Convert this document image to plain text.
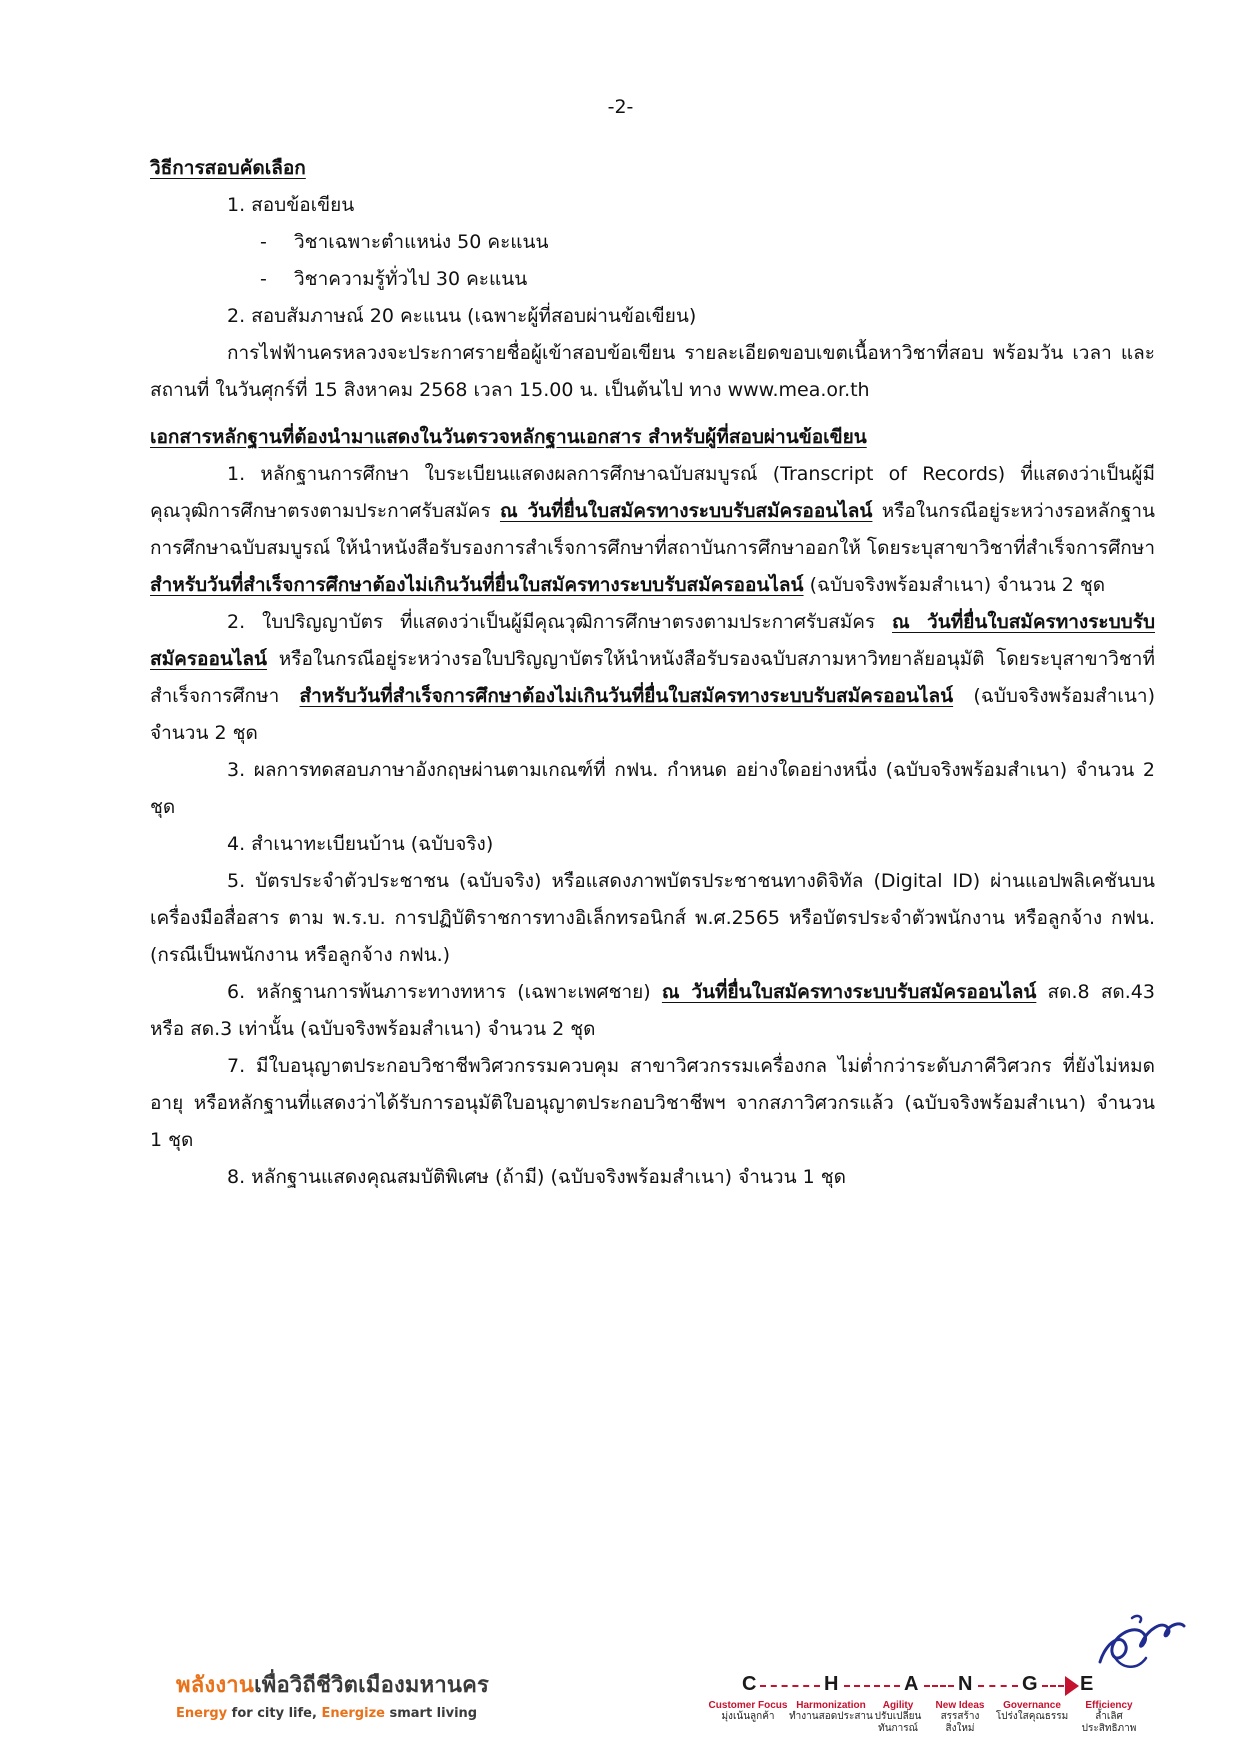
-2-
วิธีการสอบคัดเลือก
1. สอบข้อเขียน
- วิชาเฉพาะตำแหน่ง 50 คะแนน
- วิชาความรู้ทั่วไป 30 คะแนน
2. สอบสัมภาษณ์ 20 คะแนน (เฉพาะผู้ที่สอบผ่านข้อเขียน)
การไฟฟ้านครหลวงจะประกาศรายชื่อผู้เข้าสอบข้อเขียน รายละเอียดขอบเขตเนื้อหาวิชาที่สอบ พร้อมวัน เวลา และสถานที่ ในวันศุกร์ที่ 15 สิงหาคม 2568 เวลา 15.00 น. เป็นต้นไป ทาง www.mea.or.th
เอกสารหลักฐานที่ต้องนำมาแสดงในวันตรวจหลักฐานเอกสาร สำหรับผู้ที่สอบผ่านข้อเขียน
1. หลักฐานการศึกษา ใบระเบียนแสดงผลการศึกษาฉบับสมบูรณ์ (Transcript of Records) ที่แสดงว่าเป็นผู้มีคุณวุฒิการศึกษาตรงตามประกาศรับสมัคร ณ วันที่ยื่นใบสมัครทางระบบรับสมัครออนไลน์ หรือในกรณีอยู่ระหว่างรอหลักฐานการศึกษาฉบับสมบูรณ์ ให้นำหนังสือรับรองการสำเร็จการศึกษาที่สถาบันการศึกษาออกให้ โดยระบุสาขาวิชาที่สำเร็จการศึกษา สำหรับวันที่สำเร็จการศึกษาต้องไม่เกินวันที่ยื่นใบสมัครทางระบบรับสมัครออนไลน์ (ฉบับจริงพร้อมสำเนา) จำนวน 2 ชุด
2. ใบปริญญาบัตร ที่แสดงว่าเป็นผู้มีคุณวุฒิการศึกษาตรงตามประกาศรับสมัคร ณ วันที่ยื่นใบสมัครทางระบบรับสมัครออนไลน์ หรือในกรณีอยู่ระหว่างรอใบปริญญาบัตรให้นำหนังสือรับรองฉบับสภามหาวิทยาลัยอนุมัติ โดยระบุสาขาวิชาที่สำเร็จการศึกษา สำหรับวันที่สำเร็จการศึกษาต้องไม่เกินวันที่ยื่นใบสมัครทางระบบรับสมัครออนไลน์ (ฉบับจริงพร้อมสำเนา) จำนวน 2 ชุด
3. ผลการทดสอบภาษาอังกฤษผ่านตามเกณฑ์ที่ กฟน. กำหนด อย่างใดอย่างหนึ่ง (ฉบับจริงพร้อมสำเนา) จำนวน 2 ชุด
4. สำเนาทะเบียนบ้าน (ฉบับจริง)
5. บัตรประจำตัวประชาชน (ฉบับจริง) หรือแสดงภาพบัตรประชาชนทางดิจิทัล (Digital ID) ผ่านแอปพลิเคชันบนเครื่องมือสื่อสาร ตาม พ.ร.บ. การปฏิบัติราชการทางอิเล็กทรอนิกส์ พ.ศ.2565 หรือบัตรประจำตัวพนักงาน หรือลูกจ้าง กฟน. (กรณีเป็นพนักงาน หรือลูกจ้าง กฟน.)
6. หลักฐานการพ้นภาระทางทหาร (เฉพาะเพศชาย) ณ วันที่ยื่นใบสมัครทางระบบรับสมัครออนไลน์ สด.8 สด.43 หรือ สด.3 เท่านั้น (ฉบับจริงพร้อมสำเนา) จำนวน 2 ชุด
7. มีใบอนุญาตประกอบวิชาชีพวิศวกรรมควบคุม สาขาวิศวกรรมเครื่องกล ไม่ต่ำกว่าระดับภาคีวิศวกร ที่ยังไม่หมดอายุ หรือหลักฐานที่แสดงว่าได้รับการอนุมัติใบอนุญาตประกอบวิชาชีพฯ จากสภาวิศวกรแล้ว (ฉบับจริงพร้อมสำเนา) จำนวน 1 ชุด
8. หลักฐานแสดงคุณสมบัติพิเศษ (ถ้ามี) (ฉบับจริงพร้อมสำเนา) จำนวน 1 ชุด
พลังงานเพื่อวิถีชีวิตเมืองมหานคร
Energy for city life, Energize smart living
C	H	A N G E
Customer Focus
มุ่งเน้นลูกค้า
Harmonization
ทำงานสอดประสาน
Agility
ปรับเปลี่ยน
ทันการณ์
New Ideas
สรรสร้าง
สิ่งใหม่
Governance
โปร่งใสคุณธรรม
Efficiency
ล้ำเลิศ
ประสิทธิภาพ
